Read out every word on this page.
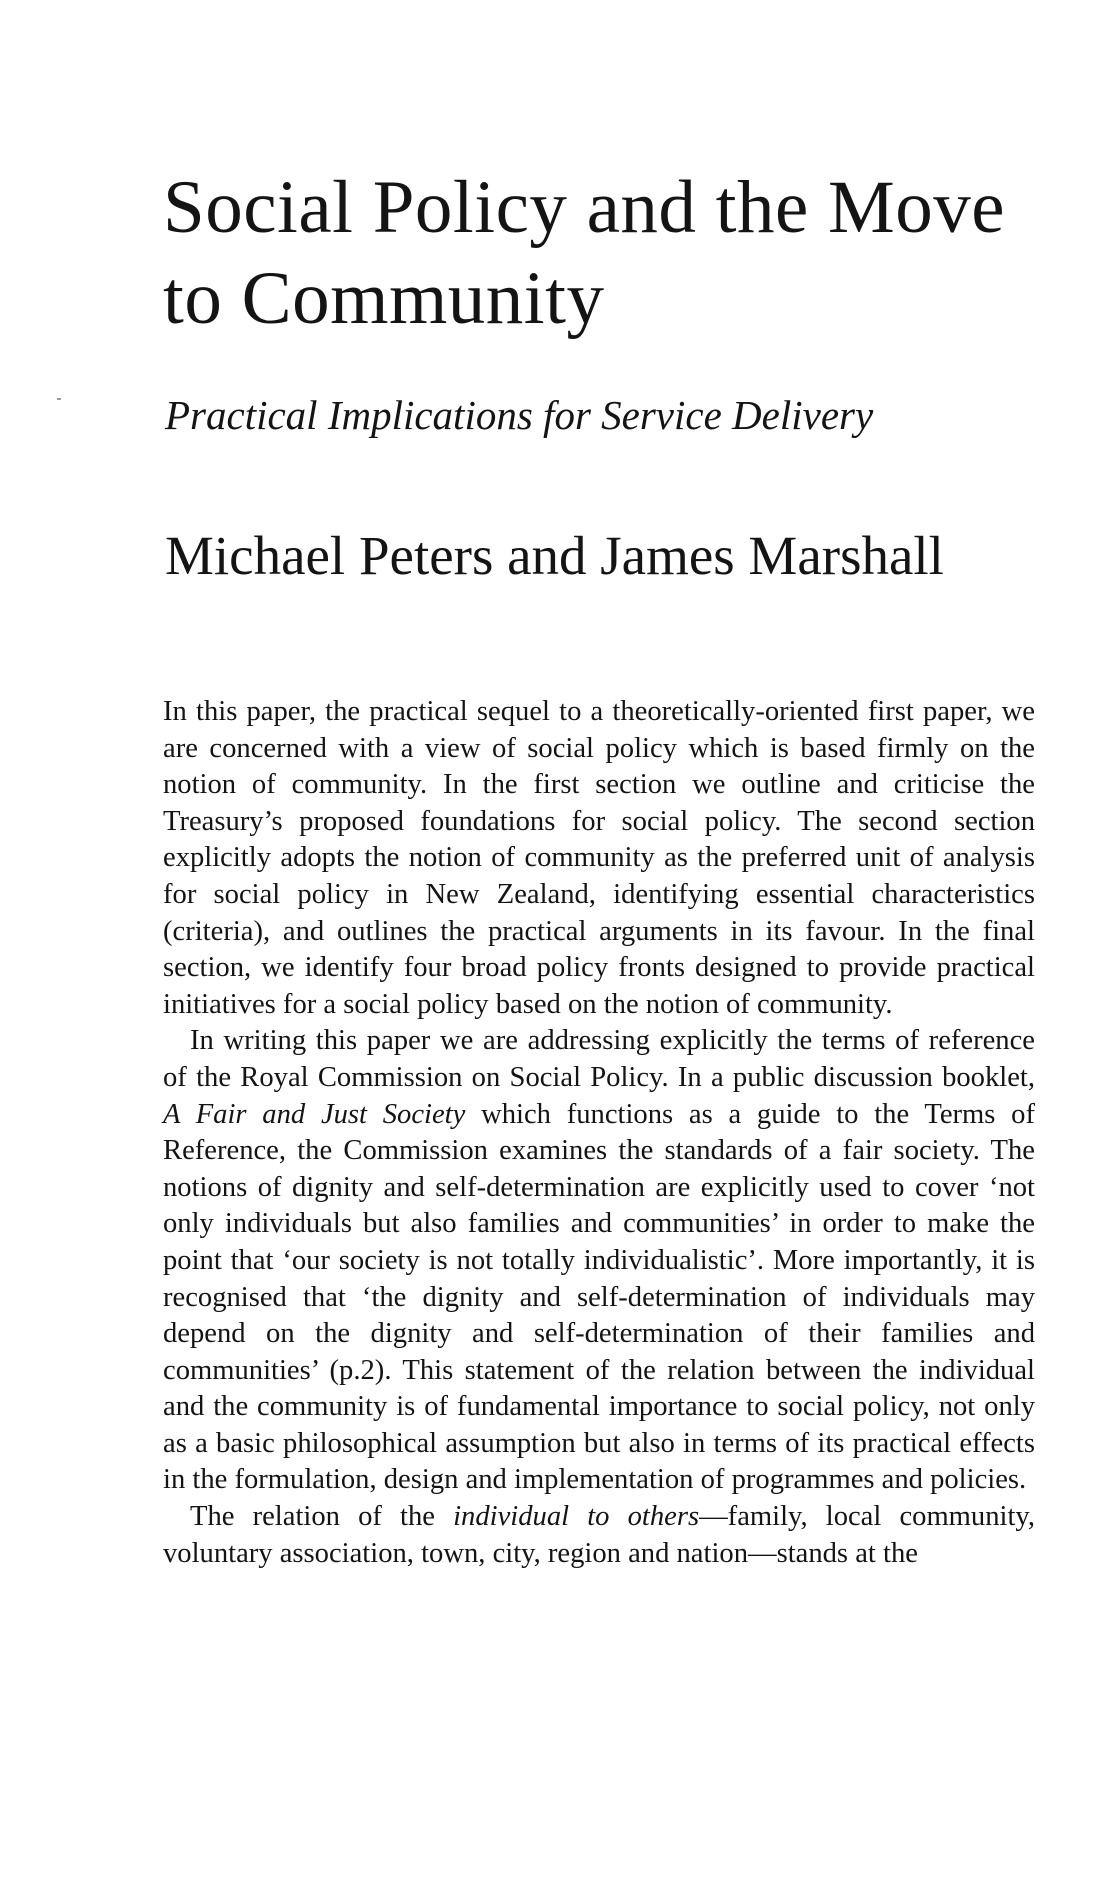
Social Policy and the Move
to Community
Practical Implications for Service Delivery
Michael Peters and James Marshall

In this paper, the practical sequel to a theoretically-oriented first paper, we are concerned with a view of social policy which is based firmly on the notion of community. In the first section we outline and criticise the Treasury’s proposed foundations for social policy. The second section explicitly adopts the notion of community as the preferred unit of analysis for social policy in New Zealand, identifying essential characteristics (criteria), and outlines the practical arguments in its favour. In the final section, we identify four broad policy fronts designed to provide practical initiatives for a social policy based on the notion of community.

In writing this paper we are addressing explicitly the terms of reference of the Royal Commission on Social Policy. In a public discussion booklet, A Fair and Just Society which functions as a guide to the Terms of Reference, the Commission examines the standards of a fair society. The notions of dignity and self-determination are explicitly used to cover ‘not only individuals but also families and communities’ in order to make the point that ‘our society is not totally individualistic’. More importantly, it is recognised that ‘the dignity and self-determination of individuals may depend on the dignity and self-determination of their families and communities’ (p.2). This statement of the relation between the individual and the community is of fundamental importance to social policy, not only as a basic philosophical assumption but also in terms of its practical effects in the formulation, design and implementation of programmes and policies.

The relation of the individual to others—family, local community, voluntary association, town, city, region and nation—stands at the
